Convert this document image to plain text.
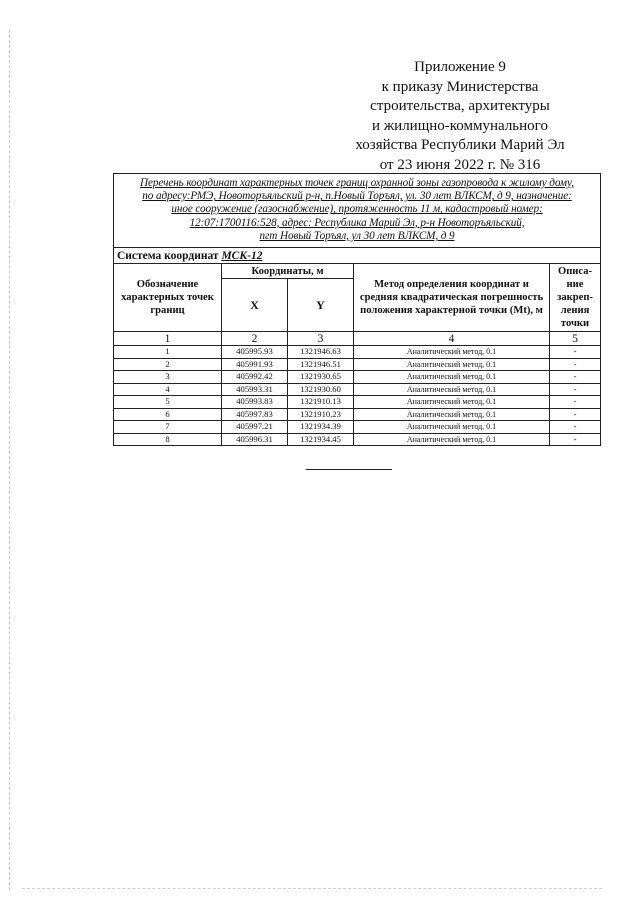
Приложение 9
к приказу Министерства
строительства, архитектуры
и жилищно-коммунального
хозяйства Республики Марий Эл
от 23 июня 2022 г. № 316
Перечень координат характерных точек границ охранной зоны газопровода к жилому дому,
по адресу:РМЭ, Новоторъяльский р-н, п.Новый Торъял, ул. 30 лет ВЛКСМ, д 9, назначение:
иное сооружение (газоснабжение), протяженность 11 м, кадастровый номер:
12:07:1700116:528, адрес: Республика Марий Эл, р-н Новоторъяльский,
пгт Новый Торъял, ул 30 лет ВЛКСМ, д 9				

Система координат МСК-12				
Обозначение характерных точек границ	Координаты, м		Метод определения координат и средняя квадратическая погрешность положения характерной точки (Mt), м	Описа-
ние
закреп-
ления
точки

	X	Y		
1	2	3	4	5
1	405995.93	1321946.63	Аналитический метод, 0.1	-
2	405991.93	1321946.51	Аналитический метод, 0.1	-
3	405992.42	1321930.65	Аналитический метод, 0.1	-
4	405993.31	1321930.60	Аналитический метод, 0.1	-
5	405993.83	1321910.13	Аналитический метод, 0.1	-
6	405997.83	1321910.23	Аналитический метод, 0.1	-
7	405997.21	1321934.39	Аналитический метод, 0.1	-
8	405996.31	1321934.45	Аналитический метод, 0.1	-
